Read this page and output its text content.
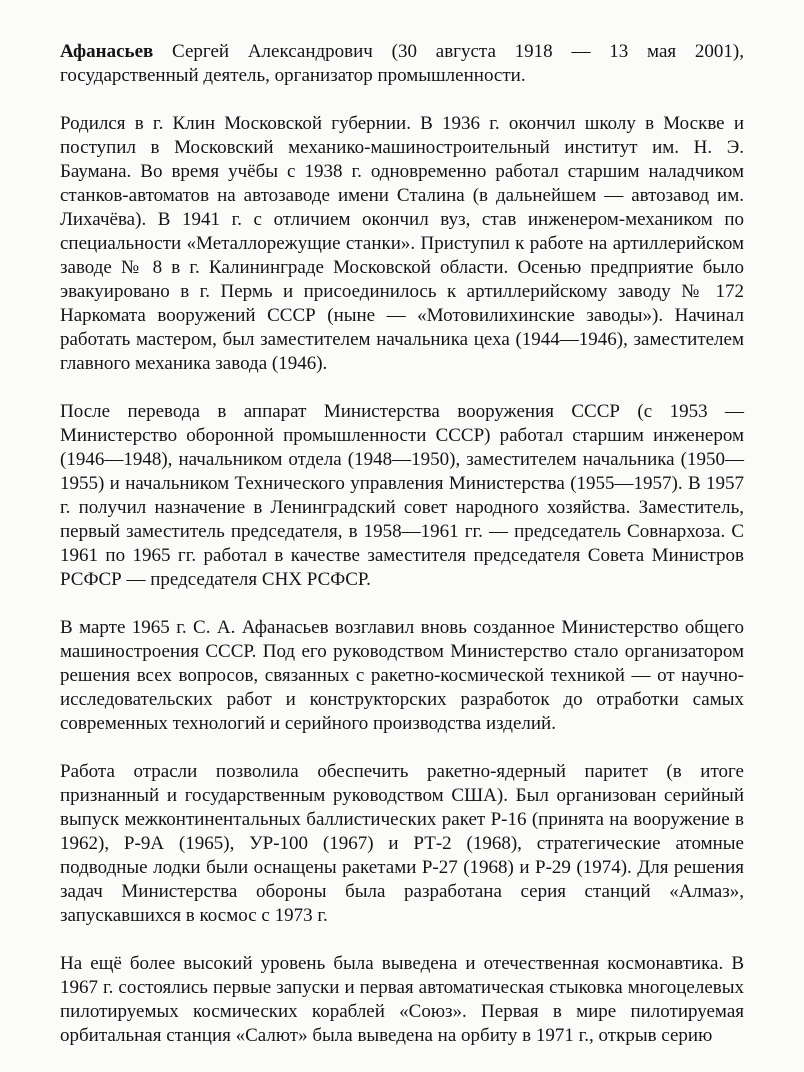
Афанасьев Сергей Александрович (30 августа 1918 — 13 мая 2001), государственный деятель, организатор промышленности.

Родился в г. Клин Московской губернии. В 1936 г. окончил школу в Москве и поступил в Московский механико-машиностроительный институт им. Н. Э. Баумана. Во время учёбы с 1938 г. одновременно работал старшим наладчиком станков-автоматов на автозаводе имени Сталина (в дальнейшем — автозавод им. Лихачёва). В 1941 г. с отличием окончил вуз, став инженером-механиком по специальности «Металлорежущие станки». Приступил к работе на артиллерийском заводе № 8 в г. Калининграде Московской области. Осенью предприятие было эвакуировано в г. Пермь и присоединилось к артиллерийскому заводу № 172 Наркомата вооружений СССР (ныне — «Мотовилихинские заводы»). Начинал работать мастером, был заместителем начальника цеха (1944—1946), заместителем главного механика завода (1946).

После перевода в аппарат Министерства вооружения СССР (с 1953 — Министерство оборонной промышленности СССР) работал старшим инженером (1946—1948), начальником отдела (1948—1950), заместителем начальника (1950—1955) и начальником Технического управления Министерства (1955—1957). В 1957 г. получил назначение в Ленинградский совет народного хозяйства. Заместитель, первый заместитель председателя, в 1958—1961 гг. — председатель Совнархоза. С 1961 по 1965 гг. работал в качестве заместителя председателя Совета Министров РСФСР — председателя СНХ РСФСР.

В марте 1965 г. С. А. Афанасьев возглавил вновь созданное Министерство общего машиностроения СССР. Под его руководством Министерство стало организатором решения всех вопросов, связанных с ракетно-космической техникой — от научно-исследовательских работ и конструкторских разработок до отработки самых современных технологий и серийного производства изделий.

Работа отрасли позволила обеспечить ракетно-ядерный паритет (в итоге признанный и государственным руководством США). Был организован серийный выпуск межконтинентальных баллистических ракет Р-16 (принята на вооружение в 1962), Р-9А (1965), УР-100 (1967) и РТ-2 (1968), стратегические атомные подводные лодки были оснащены ракетами Р-27 (1968) и Р-29 (1974). Для решения задач Министерства обороны была разработана серия станций «Алмаз», запускавшихся в космос с 1973 г.

На ещё более высокий уровень была выведена и отечественная космонавтика. В 1967 г. состоялись первые запуски и первая автоматическая стыковка многоцелевых пилотируемых космических кораблей «Союз». Первая в мире пилотируемая орбитальная станция «Салют» была выведена на орбиту в 1971 г., открыв серию
